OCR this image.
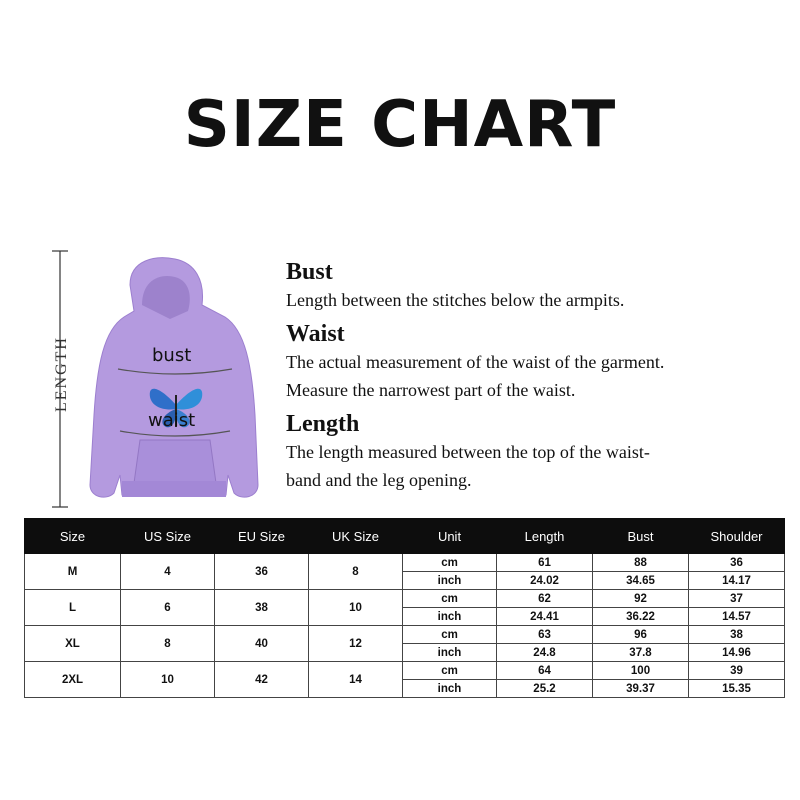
SIZE CHART
LENGTH	bust
waist
Bust
Length between the stitches below the armpits.
Waist
The actual measurement of the waist of the garment.
Measure the narrowest part of the waist.
Length
The length measured between the top of the waist-
band and the leg opening.
Size	US Size	EU Size	UK Size	Unit	Length	Bust	Shoulder
M	4	36	8	cm	61	88	36
				inch	24.02	34.65	14.17
L	6	38	10	cm	62	92	37
				inch	24.41	36.22	14.57
XL	8	40	12	cm	63	96	38
				inch	24.8	37.8	14.96
2XL	10	42	14	cm	64	100	39
				inch	25.2	39.37	15.35
